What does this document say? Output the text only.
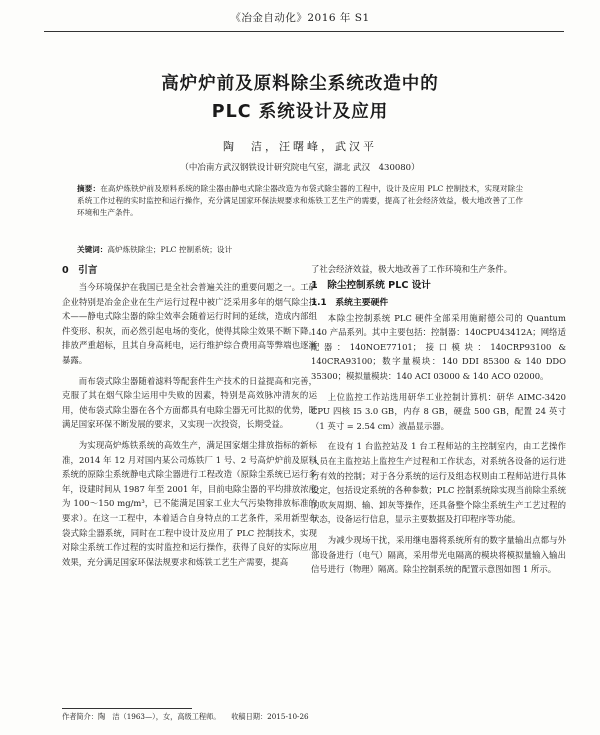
《冶金自动化》2016 年 S1
高炉炉前及原料除尘系统改造中的
PLC 系统设计及应用
陶　洁，汪曙峰，武汉平
（中冶南方武汉钢铁设计研究院电气室，湖北 武汉　430080）
摘要：在高炉炼铁炉前及原料系统的除尘器由静电式除尘器改造为布袋式除尘器的工程中，设计及应用 PLC 控制技术，实现对除尘系统工作过程的实时监控和运行操作，充分满足国家环保法规要求和炼铁工艺生产的需要，提高了社会经济效益，极大地改善了工作环境和生产条件。
关键词：高炉炼铁除尘；PLC 控制系统；设计
0　引言
当今环境保护在我国已是全社会普遍关注的重要问题之一。工矿企业特别是冶金企业在生产运行过程中被广泛采用多年的烟气除尘技术——静电式除尘器的除尘效率会随着运行时间的延续，造成内部组件变形、积灰，而必然引起电场的变化，使得其除尘效果不断下降。排放严重超标，且其自身高耗电，运行维护综合费用高等弊端也逐渐暴露。
而布袋式除尘器随着滤料等配套件生产技术的日益提高和完善，克服了其在烟气除尘运用中失败的因素，特别是高效脉冲清灰的运用，使布袋式除尘器在各个方面都具有电除尘器无可比拟的优势，既满足国家环保不断发展的要求，又实现一次投资，长期受益。
为实现高炉炼铁系统的高效生产，满足国家烟尘排放指标的新标准，2014 年 12 月对国内某公司炼铁厂 1 号、2 号高炉炉前及原料系统的原除尘系统静电式除尘器进行工程改造（原除尘系统已运行多年，设建时间从 1987 年至 2001 年，目前电除尘器的平均排放浓度为 100～150 mg/m³，已不能满足国家工业大气污染物排放标准的要求）。在这一工程中，本着适合自身特点的工艺条件，采用新型布袋式除尘器系统，同时在工程中设计及应用了 PLC 控制技术，实现对除尘系统工作过程的实时监控和运行操作，获得了良好的实际应用效果，充分满足国家环保法规要求和炼铁工艺生产需要，提高
了社会经济效益，极大地改善了工作环境和生产条件。
1　除尘控制系统 PLC 设计
1.1　系统主要硬件
本除尘控制系统 PLC 硬件全部采用施耐德公司的 Quantum 140 产品系列。其中主要包括：控制器：140CPU43412A；网络适配器：140NOE77101；接口模块：140CRP93100 & 140CRA93100；数字量模块：140 DDI 85300 & 140 DDO 35300；模拟量模块：140 ACI 03000 & 140 ACO 02000。
上位监控工作站选用研华工业控制计算机：研华 AIMC-3420 CPU 四核 I5 3.0 GB，内存 8 GB，硬盘 500 GB，配置 24 英寸（1 英寸 = 2.54 cm）液晶显示器。
在设有 1 台监控站及 1 台工程师站的主控制室内，由工艺操作人员在主监控站上监控生产过程和工作状态，对系统各设备的运行进行有效的控制；对于各分系统的运行及组态权则由工程师站进行具体设定，包括设定系统的各种参数；PLC 控制系统除实现当前除尘系统的吹灰周期、输、卸灰等操作，还具备整个除尘系统生产工艺过程的状态，设备运行信息，显示主要数据及打印程序等功能。
为减少现场干扰，采用继电器将系统所有的数字量输出点都与外部设备进行（电气）隔离，采用带光电隔离的模块将模拟量输入输出信号进行（物理）隔离。除尘控制系统的配置示意图如图 1 所示。
作者简介：陶　洁（1963—），女，高级工程师。　　收稿日期：2015-10-26
